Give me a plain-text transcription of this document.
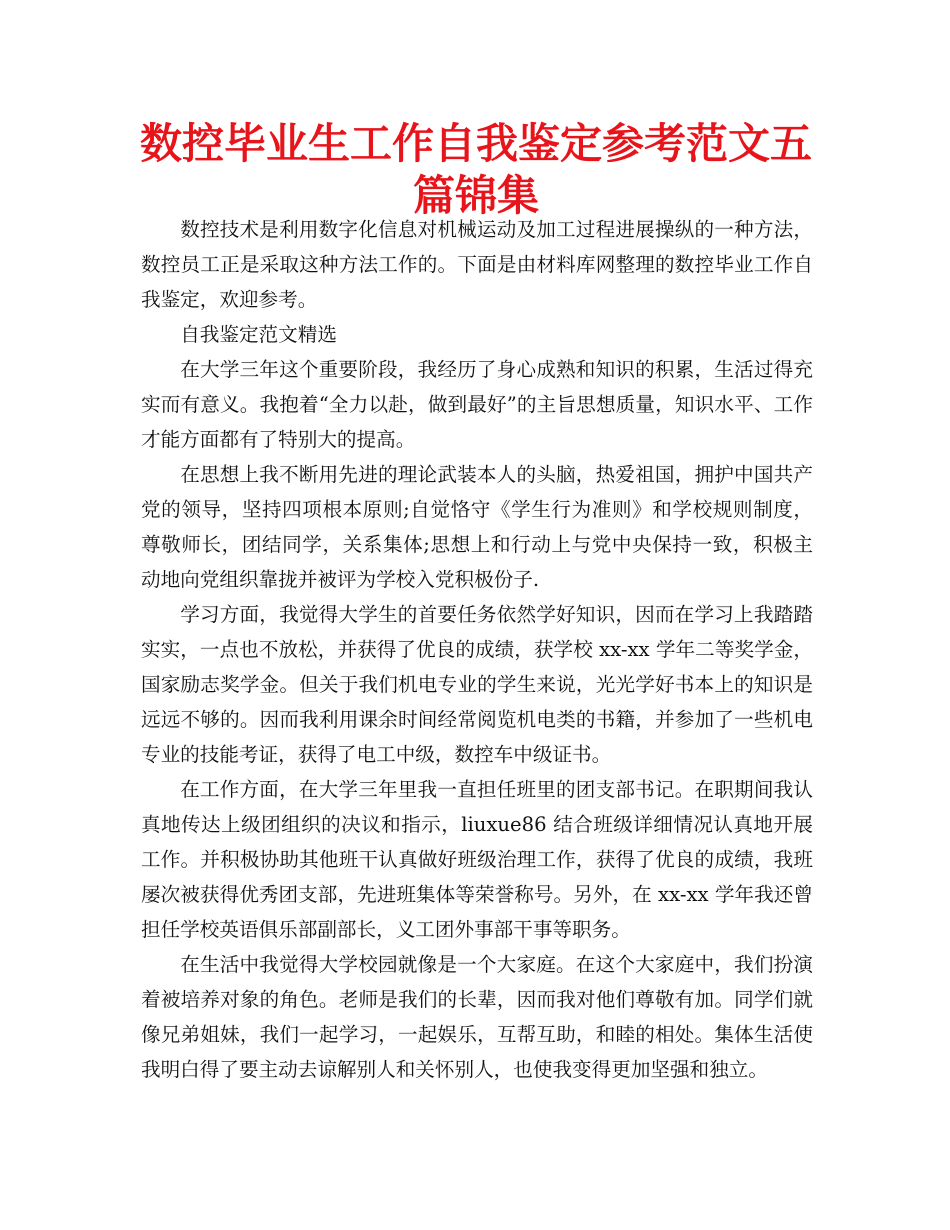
数控毕业生工作自我鉴定参考范文五篇锦集

数控技术是利用数字化信息对机械运动及加工过程进展操纵的一种方法，数控员工正是采取这种方法工作的。下面是由材料库网整理的数控毕业工作自我鉴定，欢迎参考。

自我鉴定范文精选

在大学三年这个重要阶段，我经历了身心成熟和知识的积累，生活过得充实而有意义。我抱着“全力以赴，做到最好”的主旨思想质量，知识水平、工作才能方面都有了特别大的提高。

在思想上我不断用先进的理论武装本人的头脑，热爱祖国，拥护中国共产党的领导，坚持四项根本原则;自觉恪守《学生行为准则》和学校规则制度，尊敬师长，团结同学，关系集体;思想上和行动上与党中央保持一致，积极主动地向党组织靠拢并被评为学校入党积极份子.

学习方面，我觉得大学生的首要任务依然学好知识，因而在学习上我踏踏实实，一点也不放松，并获得了优良的成绩，获学校 xx-xx 学年二等奖学金，国家励志奖学金。但关于我们机电专业的学生来说，光光学好书本上的知识是远远不够的。因而我利用课余时间经常阅览机电类的书籍，并参加了一些机电专业的技能考证，获得了电工中级，数控车中级证书。

在工作方面，在大学三年里我一直担任班里的团支部书记。在职期间我认真地传达上级团组织的决议和指示，liuxue86 结合班级详细情况认真地开展工作。并积极协助其他班干认真做好班级治理工作，获得了优良的成绩，我班屡次被获得优秀团支部，先进班集体等荣誉称号。另外，在 xx-xx 学年我还曾担任学校英语俱乐部副部长，义工团外事部干事等职务。

在生活中我觉得大学校园就像是一个大家庭。在这个大家庭中，我们扮演着被培养对象的角色。老师是我们的长辈，因而我对他们尊敬有加。同学们就像兄弟姐妹，我们一起学习，一起娱乐，互帮互助，和睦的相处。集体生活使我明白得了要主动去谅解别人和关怀别人，也使我变得更加坚强和独立。
